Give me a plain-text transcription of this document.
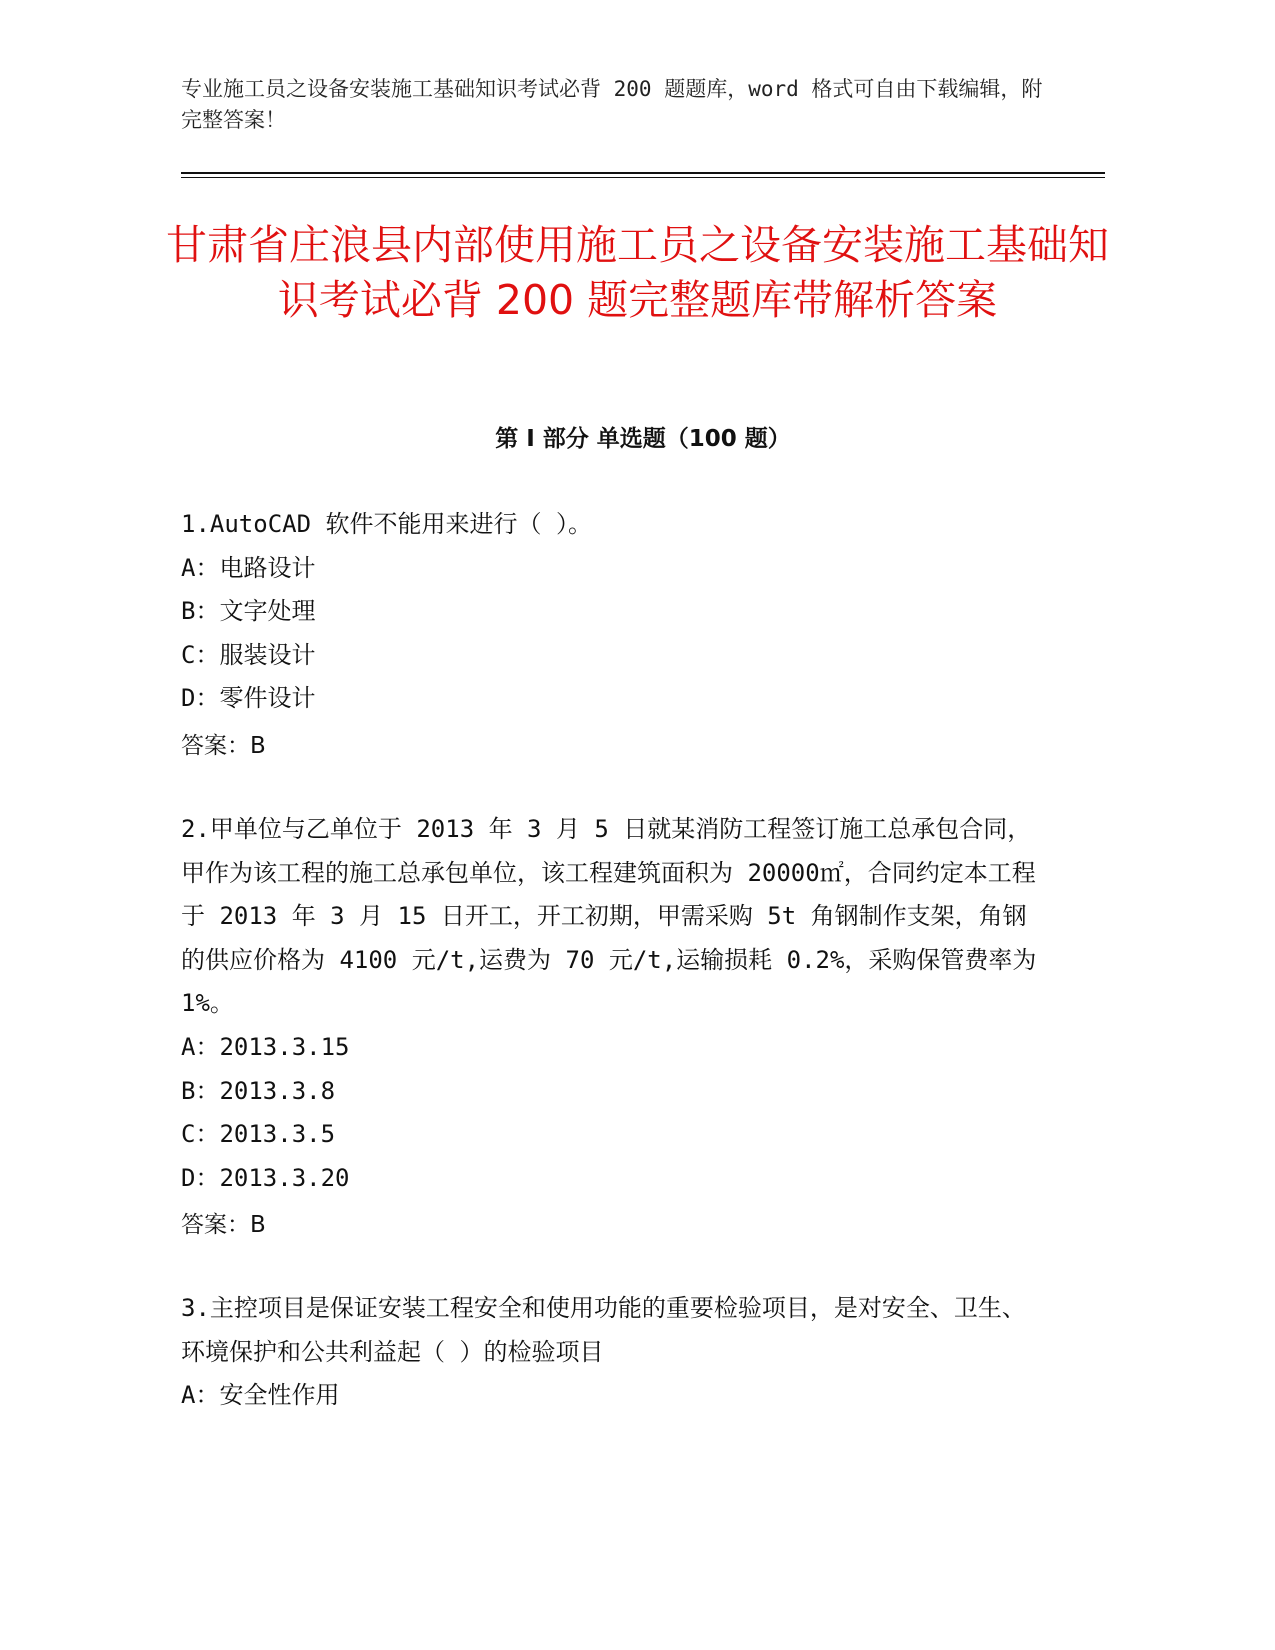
专业施工员之设备安装施工基础知识考试必背 200 题题库，word 格式可自由下载编辑，附完整答案！
甘肃省庄浪县内部使用施工员之设备安装施工基础知识考试必背 200 题完整题库带解析答案
第 I 部分 单选题（100 题）
1.AutoCAD 软件不能用来进行（ ）。
A：电路设计
B：文字处理
C：服装设计
D：零件设计
答案：B
2.甲单位与乙单位于 2013 年 3 月 5 日就某消防工程签订施工总承包合同，甲作为该工程的施工总承包单位，该工程建筑面积为 20000㎡，合同约定本工程于 2013 年 3 月 15 日开工，开工初期，甲需采购 5t 角钢制作支架，角钢的供应价格为 4100 元/t,运费为 70 元/t,运输损耗 0.2%，采购保管费率为 1%。
A：2013.3.15
B：2013.3.8
C：2013.3.5
D：2013.3.20
答案：B
3.主控项目是保证安装工程安全和使用功能的重要检验项目，是对安全、卫生、环境保护和公共利益起（ ）的检验项目
A：安全性作用
